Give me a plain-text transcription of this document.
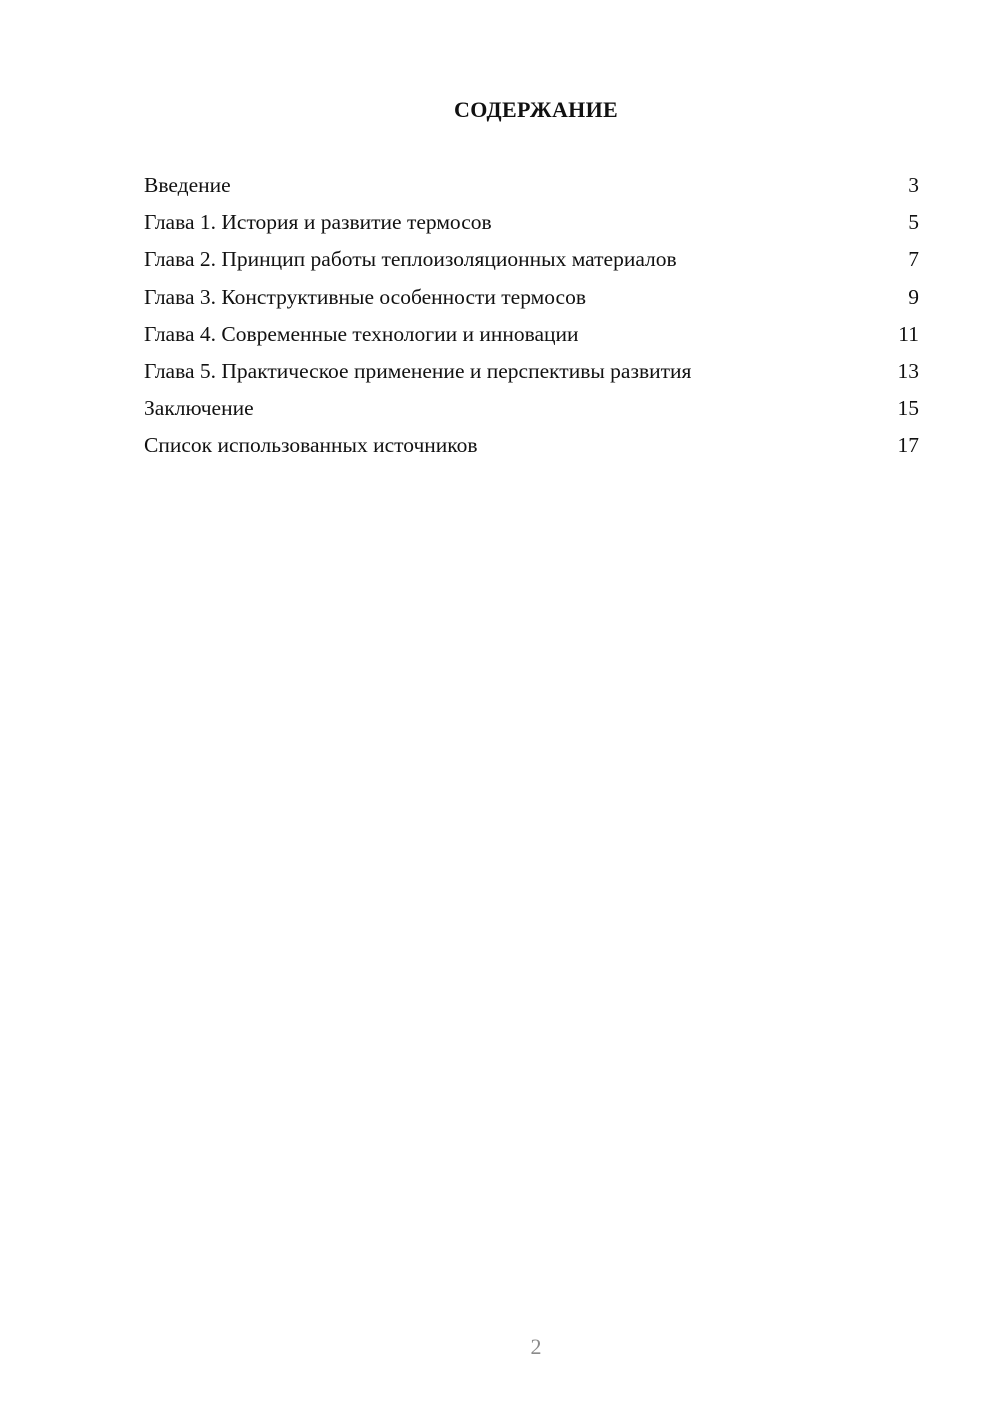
СОДЕРЖАНИЕ
Введение	3
Глава 1. История и развитие термосов	5
Глава 2. Принцип работы теплоизоляционных материалов	7
Глава 3. Конструктивные особенности термосов	9
Глава 4. Современные технологии и инновации	11
Глава 5. Практическое применение и перспективы развития	13
Заключение	15
Список использованных источников	17
2
